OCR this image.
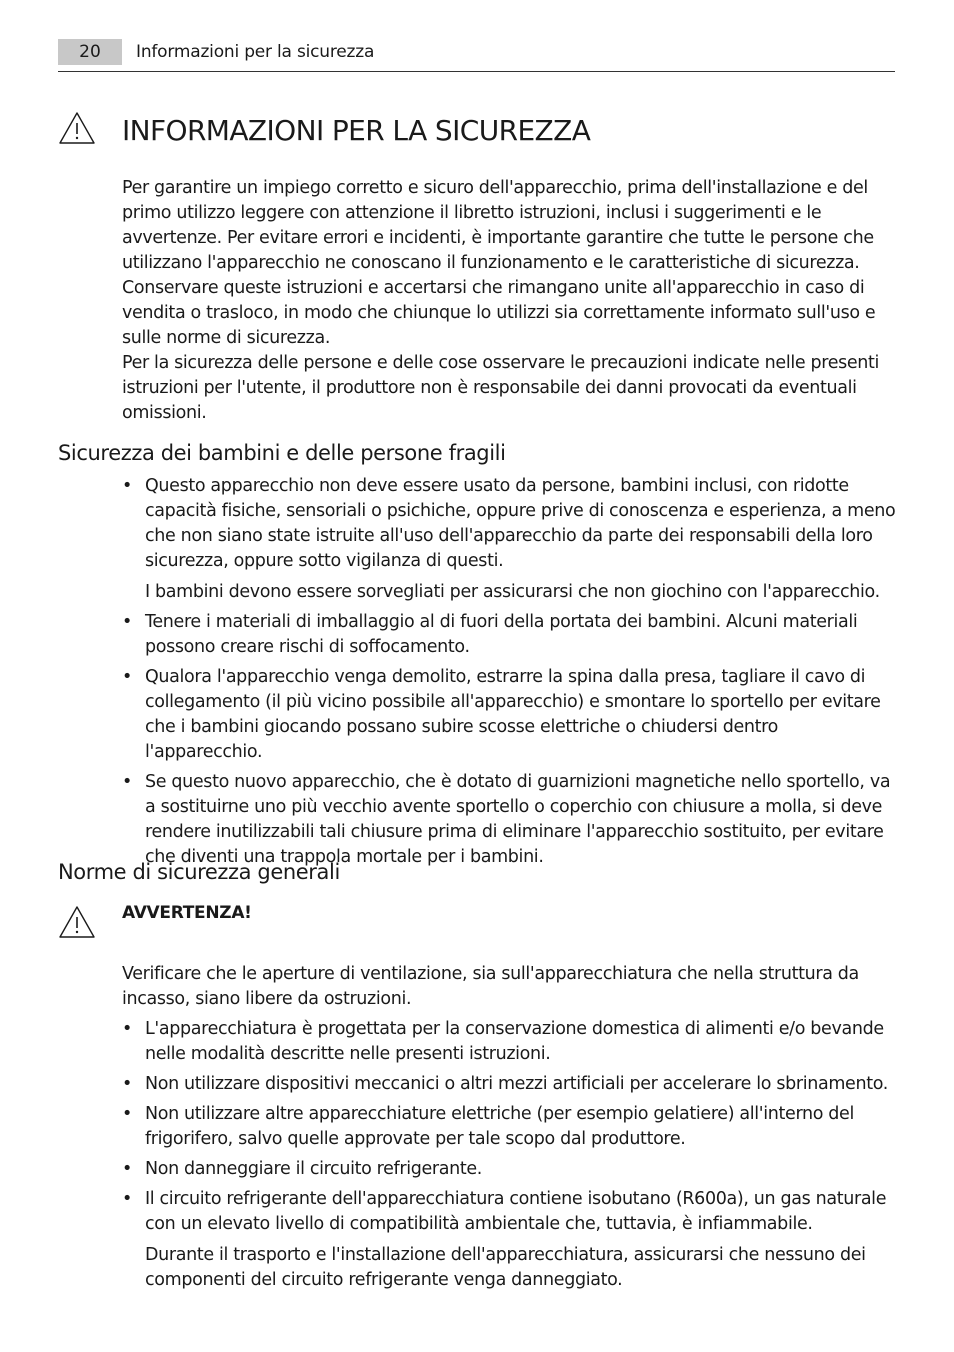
20	Informazioni per la sicurezza
INFORMAZIONI PER LA SICUREZZA

Per garantire un impiego corretto e sicuro dell'apparecchio, prima dell'installazione e del primo utilizzo leggere con attenzione il libretto istruzioni, inclusi i suggerimenti e le avvertenze. Per evitare errori e incidenti, è importante garantire che tutte le persone che utilizzano l'apparecchio ne conoscano il funzionamento e le caratteristiche di sicurezza. Conservare queste istruzioni e accertarsi che rimangano unite all'apparecchio in caso di vendita o trasloco, in modo che chiunque lo utilizzi sia correttamente informato sull'uso e sulle norme di sicurezza.

Per la sicurezza delle persone e delle cose osservare le precauzioni indicate nelle presenti istruzioni per l'utente, il produttore non è responsabile dei danni provocati da eventuali omissioni.

Sicurezza dei bambini e delle persone fragili

• Questo apparecchio non deve essere usato da persone, bambini inclusi, con ridotte capacità fisiche, sensoriali o psichiche, oppure prive di conoscenza e esperienza, a meno che non siano state istruite all'uso dell'apparecchio da parte dei responsabili della loro sicurezza, oppure sotto vigilanza di questi.

I bambini devono essere sorvegliati per assicurarsi che non giochino con l'apparecchio.

• Tenere i materiali di imballaggio al di fuori della portata dei bambini. Alcuni materiali possono creare rischi di soffocamento.

• Qualora l'apparecchio venga demolito, estrarre la spina dalla presa, tagliare il cavo di collegamento (il più vicino possibile all'apparecchio) e smontare lo sportello per evitare che i bambini giocando possano subire scosse elettriche o chiudersi dentro l'apparecchio.

• Se questo nuovo apparecchio, che è dotato di guarnizioni magnetiche nello sportello, va a sostituirne uno più vecchio avente sportello o coperchio con chiusure a molla, si deve rendere inutilizzabili tali chiusure prima di eliminare l'apparecchio sostituito, per evitare che diventi una trappola mortale per i bambini.

Norme di sicurezza generali
AVVERTENZA!

Verificare che le aperture di ventilazione, sia sull'apparecchiatura che nella struttura da incasso, siano libere da ostruzioni.

• L'apparecchiatura è progettata per la conservazione domestica di alimenti e/o bevande nelle modalità descritte nelle presenti istruzioni.

• Non utilizzare dispositivi meccanici o altri mezzi artificiali per accelerare lo sbrinamento.

• Non utilizzare altre apparecchiature elettriche (per esempio gelatiere) all'interno del frigorifero, salvo quelle approvate per tale scopo dal produttore.

• Non danneggiare il circuito refrigerante.

• Il circuito refrigerante dell'apparecchiatura contiene isobutano (R600a), un gas naturale con un elevato livello di compatibilità ambientale che, tuttavia, è infiammabile.

Durante il trasporto e l'installazione dell'apparecchiatura, assicurarsi che nessuno dei componenti del circuito refrigerante venga danneggiato.
